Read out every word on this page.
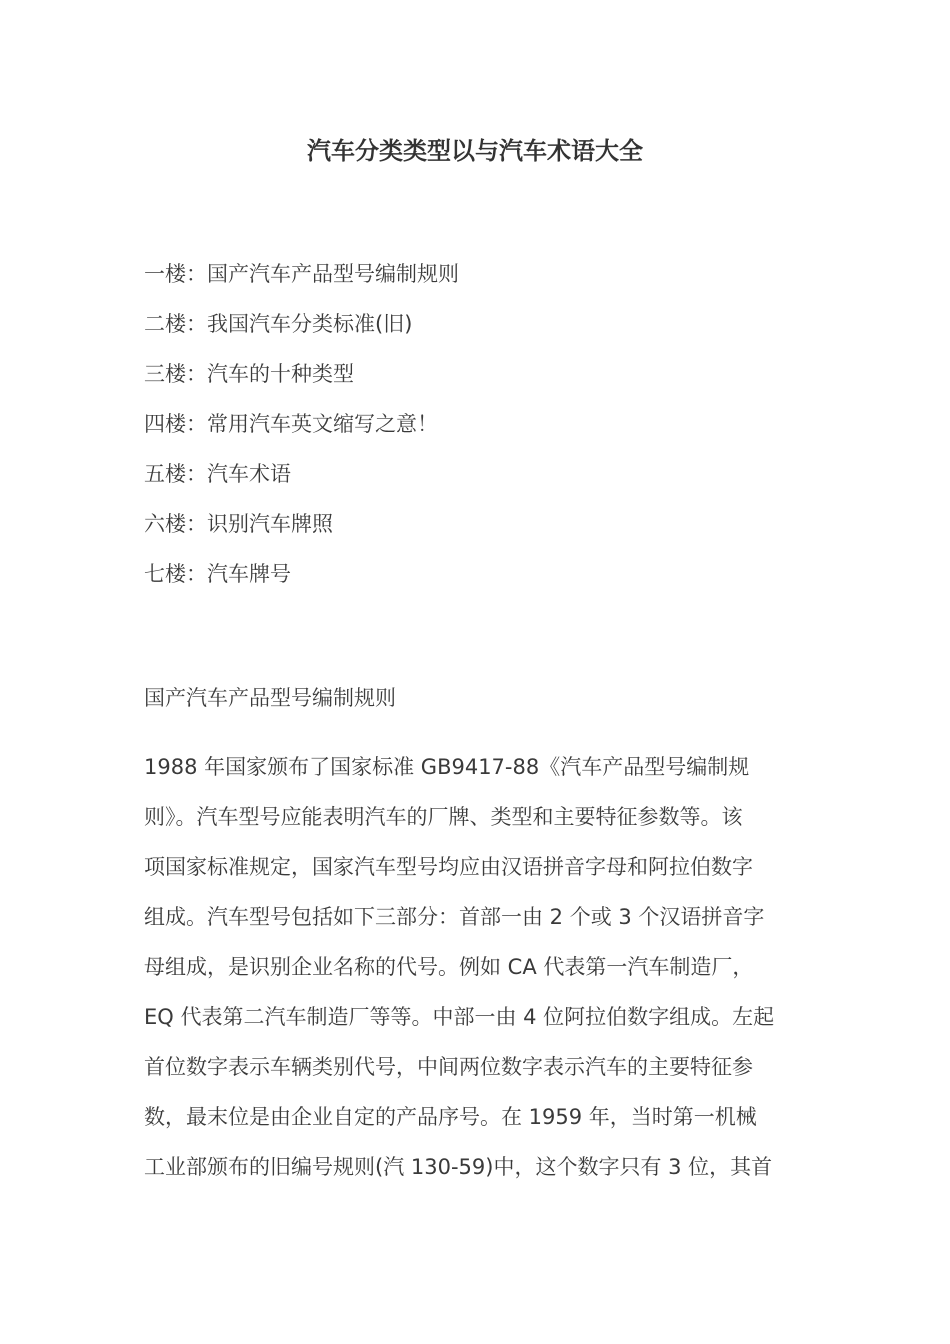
汽车分类类型以与汽车术语大全
一楼：国产汽车产品型号编制规则
二楼：我国汽车分类标准(旧)
三楼：汽车的十种类型
四楼：常用汽车英文缩写之意！
五楼：汽车术语
六楼：识别汽车牌照
七楼：汽车牌号
国产汽车产品型号编制规则
1988 年国家颁布了国家标准 GB9417-88《汽车产品型号编制规
则》。汽车型号应能表明汽车的厂牌、类型和主要特征参数等。该
项国家标准规定，国家汽车型号均应由汉语拼音字母和阿拉伯数字
组成。汽车型号包括如下三部分：首部一由 2 个或 3 个汉语拼音字
母组成，是识别企业名称的代号。例如 CA 代表第一汽车制造厂，
EQ 代表第二汽车制造厂等等。中部一由 4 位阿拉伯数字组成。左起
首位数字表示车辆类别代号，中间两位数字表示汽车的主要特征参
数，最末位是由企业自定的产品序号。在 1959 年，当时第一机械
工业部颁布的旧编号规则(汽 130-59)中，这个数字只有 3 位，其首
